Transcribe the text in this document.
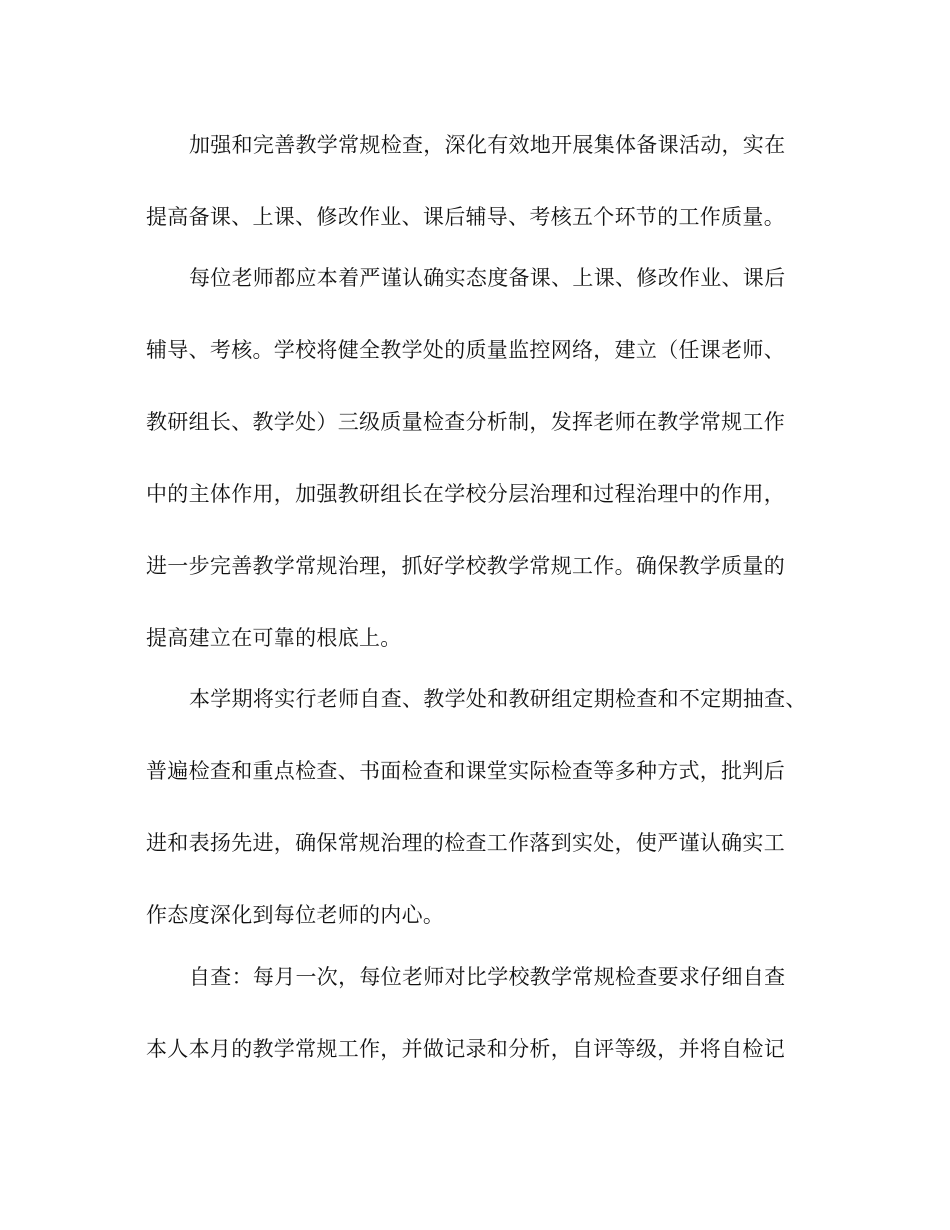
加强和完善教学常规检查，深化有效地开展集体备课活动，实在
提高备课、上课、修改作业、课后辅导、考核五个环节的工作质量。
每位老师都应本着严谨认确实态度备课、上课、修改作业、课后
辅导、考核。学校将健全教学处的质量监控网络，建立（任课老师、
教研组长、教学处）三级质量检查分析制，发挥老师在教学常规工作
中的主体作用，加强教研组长在学校分层治理和过程治理中的作用，
进一步完善教学常规治理，抓好学校教学常规工作。确保教学质量的
提高建立在可靠的根底上。
本学期将实行老师自查、教学处和教研组定期检查和不定期抽查、
普遍检查和重点检查、书面检查和课堂实际检查等多种方式，批判后
进和表扬先进，确保常规治理的检查工作落到实处，使严谨认确实工
作态度深化到每位老师的内心。
自查：每月一次，每位老师对比学校教学常规检查要求仔细自查
本人本月的教学常规工作，并做记录和分析，自评等级，并将自检记
